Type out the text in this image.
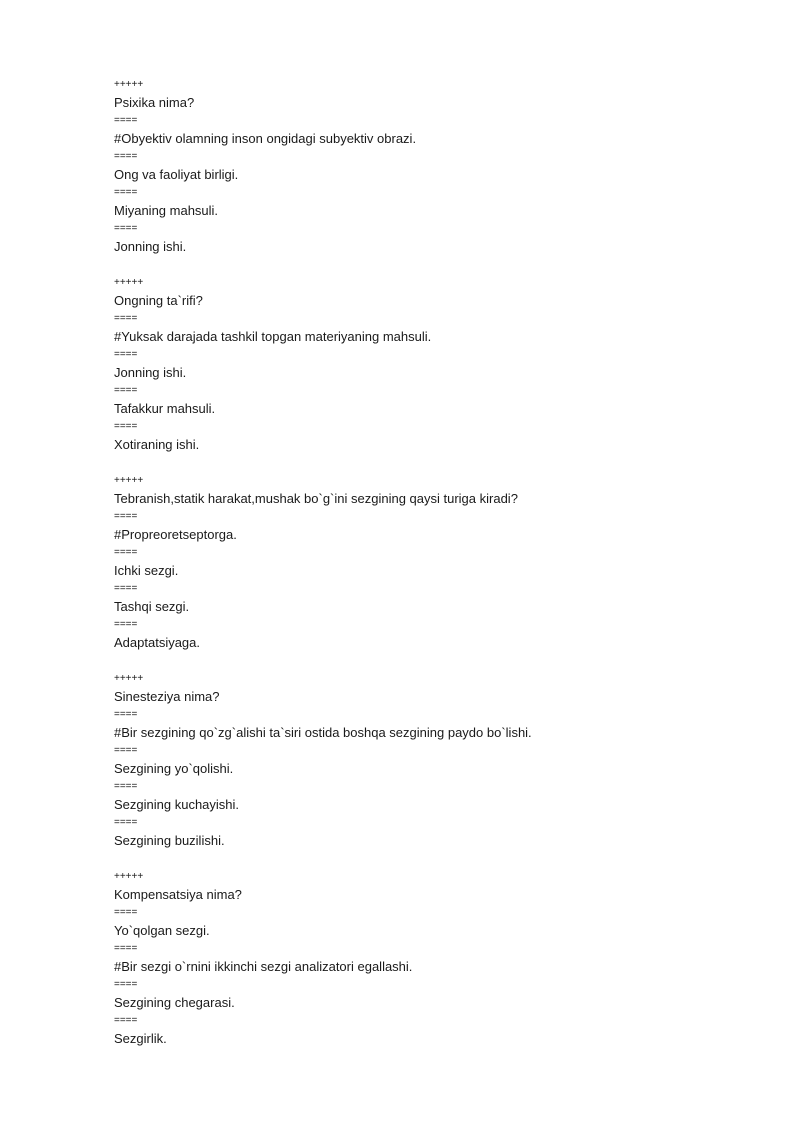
+++++
Psixika nima?
====
#Obyektiv olamning inson ongidagi subyektiv obrazi.
====
Ong va faoliyat birligi.
====
Miyaning mahsuli.
====
Jonning ishi.
+++++
Ongning ta`rifi?
====
#Yuksak darajada tashkil topgan materiyaning mahsuli.
====
Jonning ishi.
====
Tafakkur mahsuli.
====
Xotiraning ishi.
+++++
Tebranish,statik harakat,mushak bo`g`ini sezgining qaysi turiga kiradi?
====
#Propreoretseptorga.
====
Ichki sezgi.
====
Tashqi sezgi.
====
Adaptatsiyaga.
+++++
Sinesteziya nima?
====
#Bir sezgining qo`zg`alishi ta`siri ostida boshqa sezgining paydo bo`lishi.
====
Sezgining yo`qolishi.
====
Sezgining kuchayishi.
====
Sezgining buzilishi.
+++++
Kompensatsiya nima?
====
Yo`qolgan sezgi.
====
#Bir sezgi o`rnini ikkinchi sezgi analizatori egallashi.
====
Sezgining chegarasi.
====
Sezgirlik.
